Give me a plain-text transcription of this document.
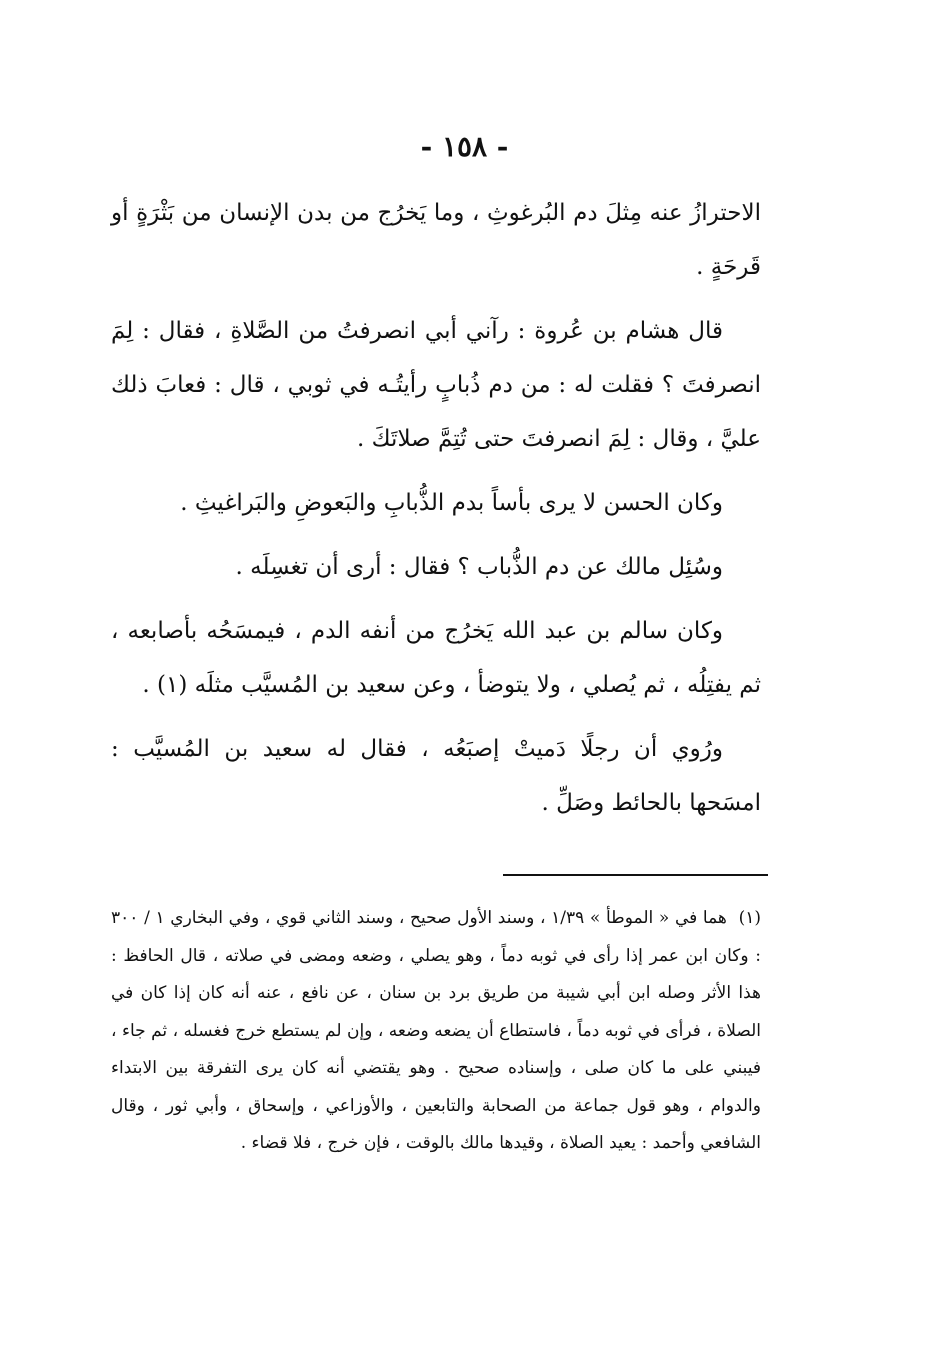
- ١٥٨ -

الاحترازُ عنه مِثلَ دم البُرغوثِ ، وما يَخرُج من بدن الإنسان من بَثْرَةٍ أو قَرحَةٍ .

قال هشام بن عُروة : رآني أبي انصرفتُ من الصَّلاةِ ، فقال : لِمَ انصرفتَ ؟ فقلت له : من دم ذُبابٍ رأيتُـه في ثوبي ، قال : فعابَ ذلك عليَّ ، وقال : لِمَ انصرفتَ حتى تُتِمَّ صلاتَكَ .

وكان الحسن لا يرى بأساً بدم الذُّبابِ والبَعوضِ والبَراغيثِ .

وسُئِل مالك عن دم الذُّباب ؟ فقال : أرى أن تغسِلَه .

وكان سالم بن عبد الله يَخرُج من أنفه الدم ، فيمسَحُه بأصابعه ، ثم يفتِلُه ، ثم يُصلي ، ولا يتوضأ ، وعن سعيد بن المُسيَّب مثلَه (١) .

ورُوي أن رجلًا دَميتْ إصبَعُه ، فقال له سعيد بن المُسيَّب : امسَحها بالحائط وصَلِّ .

(١) هما في « الموطأ » ١/٣٩ ، وسند الأول صحيح ، وسند الثاني قوي ، وفي البخاري ١ / ٣٠٠ : وكان ابن عمر إذا رأى في ثوبه دماً ، وهو يصلي ، وضعه ومضى في صلاته ، قال الحافظ : هذا الأثر وصله ابن أبي شيبة من طريق برد بن سنان ، عن نافع ، عنه أنه كان إذا كان في الصلاة ، فرأى في ثوبه دماً ، فاستطاع أن يضعه وضعه ، وإن لم يستطع خرج فغسله ، ثم جاء ، فيبني على ما كان صلى ، وإسناده صحيح . وهو يقتضي أنه كان يرى التفرقة بين الابتداء والدوام ، وهو قول جماعة من الصحابة والتابعين ، والأوزاعي ، وإسحاق ، وأبي ثور ، وقال الشافعي وأحمد : يعيد الصلاة ، وقيدها مالك بالوقت ، فإن خرج ، فلا قضاء .
